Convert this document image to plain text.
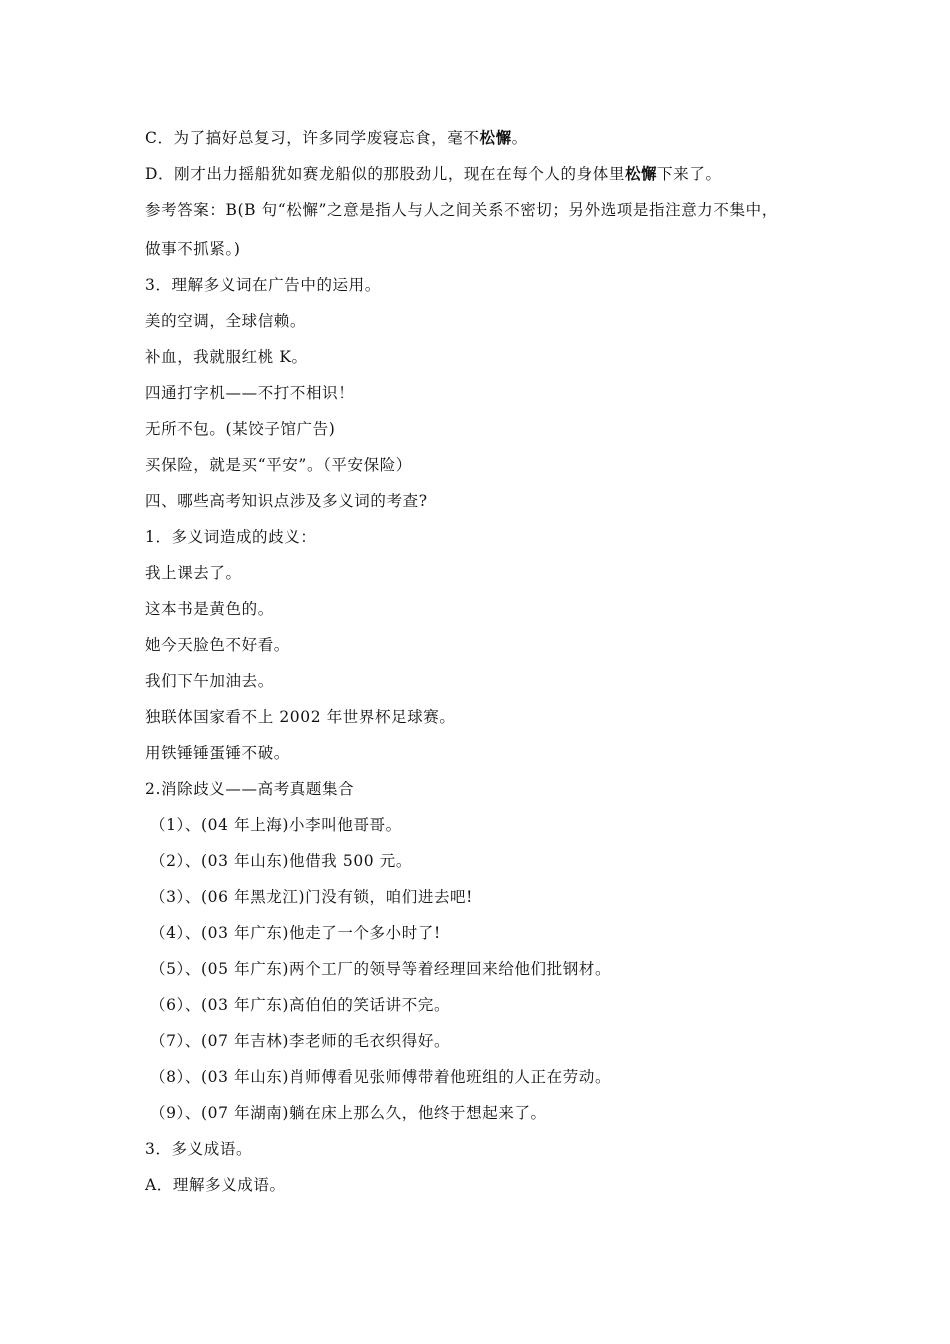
C．为了搞好总复习，许多同学废寝忘食，毫不松懈。
D．刚才出力摇船犹如赛龙船似的那股劲儿，现在在每个人的身体里松懈下来了。
参考答案：B(B 句“松懈”之意是指人与人之间关系不密切；另外选项是指注意力不集中，
做事不抓紧。)
3．理解多义词在广告中的运用。
美的空调，全球信赖。
补血，我就服红桃 K。
四通打字机——不打不相识！
无所不包。(某饺子馆广告)
买保险，就是买“平安”。（平安保险）
四、哪些高考知识点涉及多义词的考查?
1．多义词造成的歧义：
我上课去了。
这本书是黄色的。
她今天脸色不好看。
我们下午加油去。
独联体国家看不上 2002 年世界杯足球赛。
用铁锤锤蛋锤不破。
2.消除歧义——高考真题集合
（1）、(04 年上海)小李叫他哥哥。
（2）、(03 年山东)他借我 500 元。
（3）、(06 年黑龙江)门没有锁，咱们进去吧!
（4）、(03 年广东)他走了一个多小时了!
（5）、(05 年广东)两个工厂的领导等着经理回来给他们批钢材。
（6）、(03 年广东)高伯伯的笑话讲不完。
（7）、(07 年吉林)李老师的毛衣织得好。
（8）、(03 年山东)肖师傅看见张师傅带着他班组的人正在劳动。
（9）、(07 年湖南)躺在床上那么久，他终于想起来了。
3．多义成语。
A．理解多义成语。
